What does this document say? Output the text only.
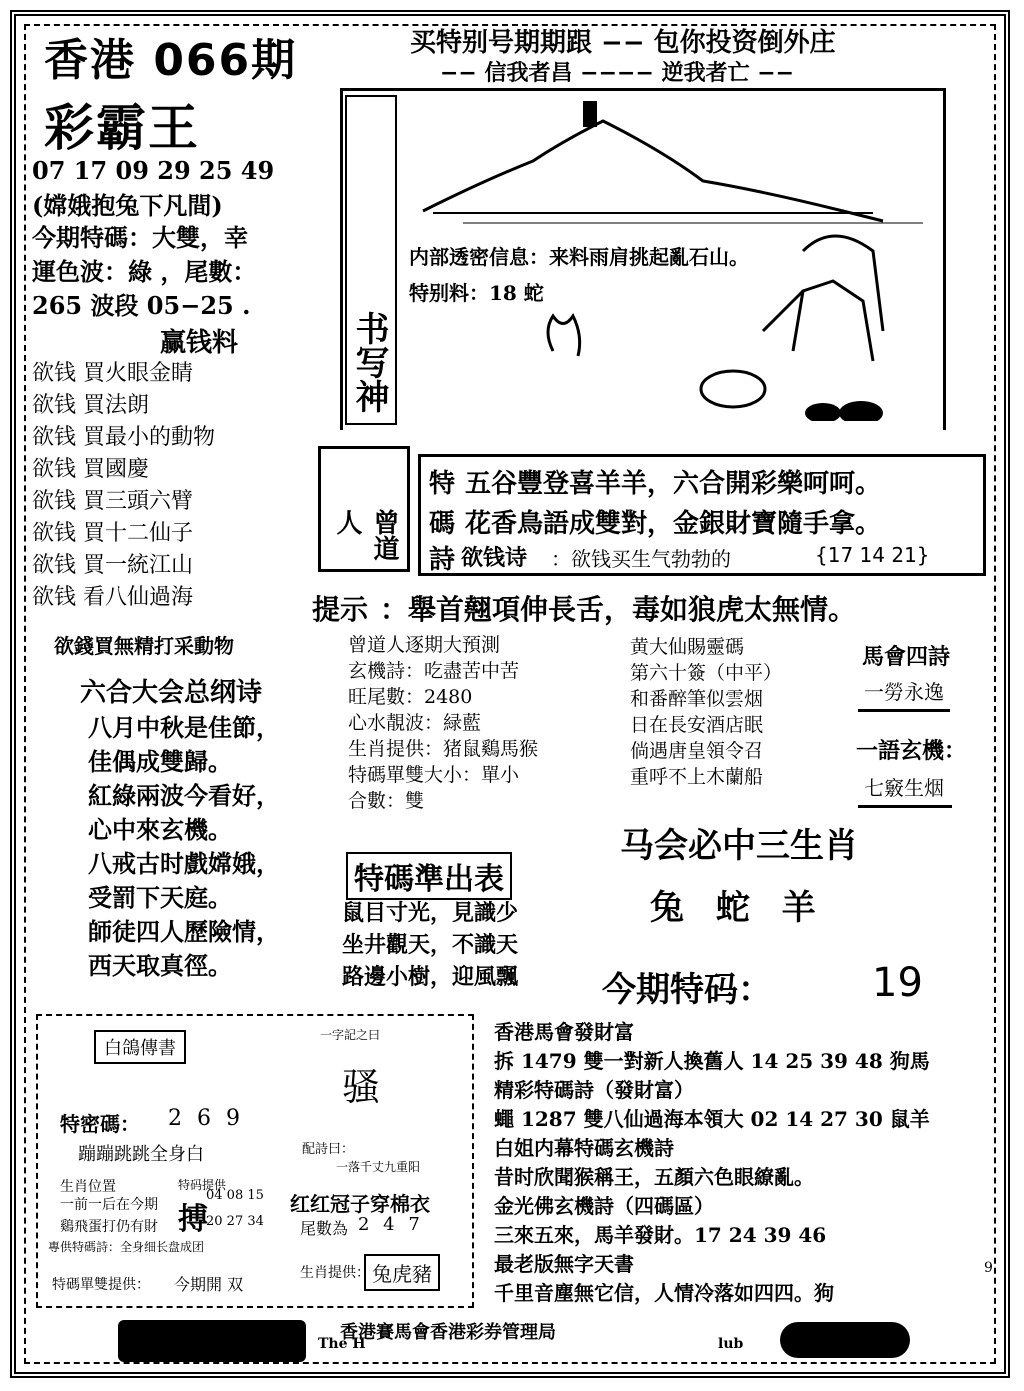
香港 066期
彩霸王
07 17 09 29 25 49
(嫦娥抱兔下凡間)
今期特碼：大雙，幸
運色波：綠 ，尾數：
265 波段 05−25 .
买特别号期期跟 −− 包你投资倒外庄
−− 信我者昌 −−−− 逆我者亡 −−
书写神
内部透密信息：来料雨肩挑起亂石山。
特别料：18 蛇
赢钱料
欲钱 買火眼金睛
欲钱 買法朗
欲钱 買最小的動物
欲钱 買國慶
欲钱 買三頭六臂
欲钱 買十二仙子
欲钱 買一統江山
欲钱 看八仙過海
欲錢買無精打采動物
曾道人
特
碼
詩
五谷豐登喜羊羊，六合開彩樂呵呵。
花香鳥語成雙對，金銀財寶隨手拿。
欲钱诗 ：欲钱买生气勃勃的	{17 14 21}
提示 ：舉首翹項伸長舌，毒如狼虎太無情。
六合大会总纲诗
八月中秋是佳節，
佳偶成雙歸。
紅綠兩波今看好，
心中來玄機。
八戒古时戲嫦娥，
受罰下天庭。
師徒四人歷險情，
西天取真徑。
曾道人逐期大預測
玄機詩：吃盡苦中苦
旺尾數：2480
心水靚波：緑藍
生肖提供：猪鼠鷄馬猴
特碼單雙大小：單小
合數：雙
黄大仙賜靈碼
第六十簽（中平）
和番醉筆似雲烟
日在長安酒店眠
倘遇唐皇領令召
重呼不上木蘭船
馬會四詩
一勞永逸
一語玄機：
七竅生烟
特碼準出表
鼠目寸光，見識少
坐井觀天，不識天
路邊小樹，迎風飄
马会必中三生肖
兔 蛇 羊
今期特码：	19
白鴿傳書
特密碼： 2 6 9
蹦蹦跳跳全身白
生肖位置
一前一后在今期
鷄飛蛋打仍有財
專供特碼詩：全身细长盘成团
特码提供
搏
04 08 15
20 27 34
特碼單雙提供： 今期開 双
一字記之曰
骚
配詩曰：
一落千丈九重阳
红红冠子穿棉衣
尾數為 2 4 7
生肖提供： 兔虎豬
香港馬會發財富
拆 1479 雙一對新人換舊人 14 25 39 48 狗馬
精彩特碼詩（發財富）
蠅 1287 雙八仙過海本領大 02 14 27 30 鼠羊
白姐内幕特碼玄機詩
昔时欣聞猴稱王，五顏六色眼繚亂。
金光佛玄機詩（四碼區）
三來五來，馬羊發財。17 24 39 46
最老版無字天書
千里音塵無它信，人情冷落如四四。狗
9
The H
香港賽馬會香港彩券管理局
lub
